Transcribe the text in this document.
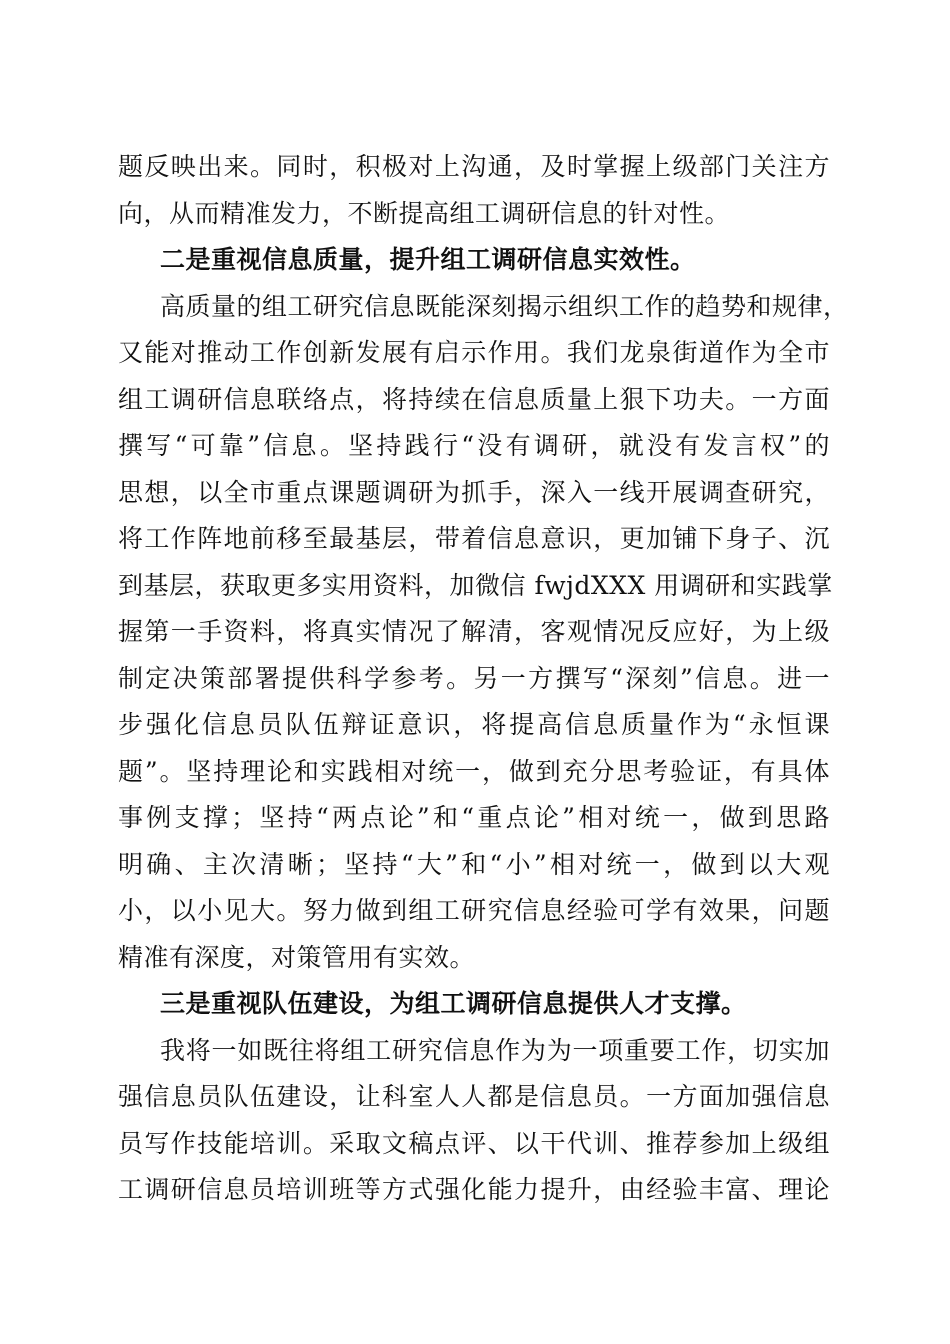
题反映出来。同时，积极对上沟通，及时掌握上级部门关注方
向，从而精准发力，不断提高组工调研信息的针对性。
二是重视信息质量，提升组工调研信息实效性。
高质量的组工研究信息既能深刻揭示组织工作的趋势和规律，
又能对推动工作创新发展有启示作用。我们龙泉街道作为全市
组工调研信息联络点，将持续在信息质量上狠下功夫。一方面
撰写“可靠”信息。坚持践行“没有调研，就没有发言权”的
思想，以全市重点课题调研为抓手，深入一线开展调查研究，
将工作阵地前移至最基层，带着信息意识，更加铺下身子、沉
到基层，获取更多实用资料，加微信 fwjdXXX 用调研和实践掌
握第一手资料，将真实情况了解清，客观情况反应好，为上级
制定决策部署提供科学参考。另一方撰写“深刻”信息。进一
步强化信息员队伍辩证意识，将提高信息质量作为“永恒课
题”。坚持理论和实践相对统一，做到充分思考验证，有具体
事例支撑；坚持“两点论”和“重点论”相对统一，做到思路
明确、主次清晰；坚持“大”和“小”相对统一，做到以大观
小，以小见大。努力做到组工研究信息经验可学有效果，问题
精准有深度，对策管用有实效。
三是重视队伍建设，为组工调研信息提供人才支撑。
我将一如既往将组工研究信息作为为一项重要工作，切实加
强信息员队伍建设，让科室人人都是信息员。一方面加强信息
员写作技能培训。采取文稿点评、以干代训、推荐参加上级组
工调研信息员培训班等方式强化能力提升，由经验丰富、理论
